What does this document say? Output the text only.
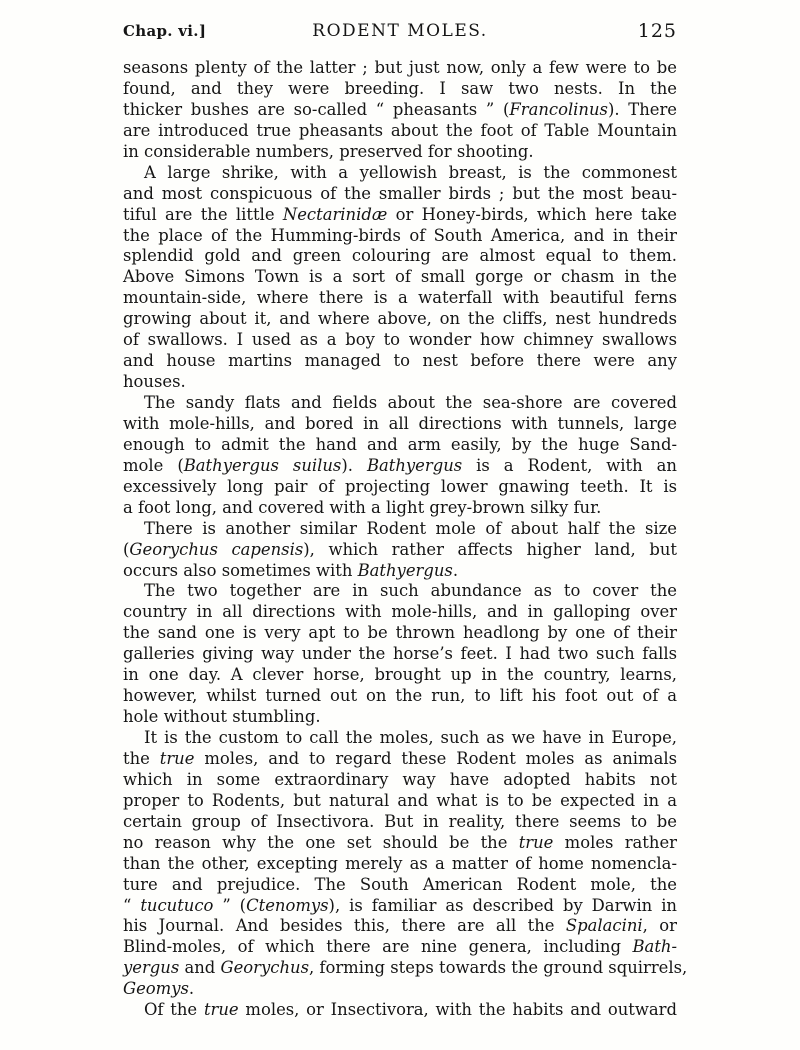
Chap. vi.]	RODENT MOLES.	125
seasons plenty of the latter ; but just now, only a few were to be
found, and they were breeding. I saw two nests. In the
thicker bushes are so-called “ pheasants ” (Francolinus). There
are introduced true pheasants about the foot of Table Mountain
in considerable numbers, preserved for shooting.
A large shrike, with a yellowish breast, is the commonest
and most conspicuous of the smaller birds ; but the most beau-
tiful are the little Nectarinidæ or Honey-birds, which here take
the place of the Humming-birds of South America, and in their
splendid gold and green colouring are almost equal to them.
Above Simons Town is a sort of small gorge or chasm in the
mountain-side, where there is a waterfall with beautiful ferns
growing about it, and where above, on the cliffs, nest hundreds
of swallows. I used as a boy to wonder how chimney swallows
and house martins managed to nest before there were any
houses.
The sandy flats and fields about the sea-shore are covered
with mole-hills, and bored in all directions with tunnels, large
enough to admit the hand and arm easily, by the huge Sand-
mole (Bathyergus suilus). Bathyergus is a Rodent, with an
excessively long pair of projecting lower gnawing teeth. It is
a foot long, and covered with a light grey-brown silky fur.
There is another similar Rodent mole of about half the size
(Georychus capensis), which rather affects higher land, but
occurs also sometimes with Bathyergus.
The two together are in such abundance as to cover the
country in all directions with mole-hills, and in galloping over
the sand one is very apt to be thrown headlong by one of their
galleries giving way under the horse’s feet. I had two such falls
in one day. A clever horse, brought up in the country, learns,
however, whilst turned out on the run, to lift his foot out of a
hole without stumbling.
It is the custom to call the moles, such as we have in Europe,
the true moles, and to regard these Rodent moles as animals
which in some extraordinary way have adopted habits not
proper to Rodents, but natural and what is to be expected in a
certain group of Insectivora. But in reality, there seems to be
no reason why the one set should be the true moles rather
than the other, excepting merely as a matter of home nomencla-
ture and prejudice. The South American Rodent mole, the
“ tucutuco ” (Ctenomys), is familiar as described by Darwin in
his Journal. And besides this, there are all the Spalacini, or
Blind-moles, of which there are nine genera, including Bath-
yergus and Georychus, forming steps towards the ground squirrels,
Geomys.
Of the true moles, or Insectivora, with the habits and outward
